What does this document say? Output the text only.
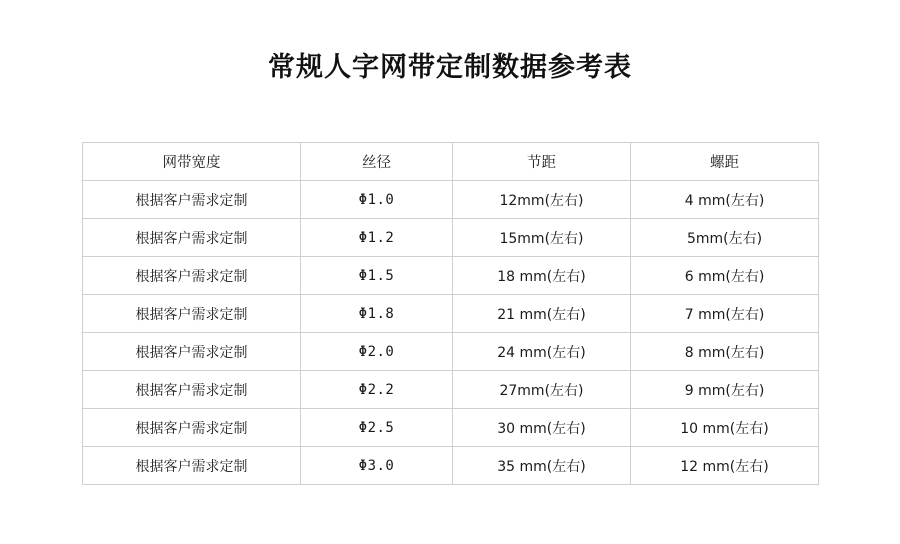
常规人字网带定制数据参考表
网带宽度	丝径	节距	螺距
根据客户需求定制	Φ1.0	12mm(左右)	4 mm(左右)
根据客户需求定制	Φ1.2	15mm(左右)	5mm(左右)
根据客户需求定制	Φ1.5	18 mm(左右)	6 mm(左右)
根据客户需求定制	Φ1.8	21 mm(左右)	7 mm(左右)
根据客户需求定制	Φ2.0	24 mm(左右)	8 mm(左右)
根据客户需求定制	Φ2.2	27mm(左右)	9 mm(左右)
根据客户需求定制	Φ2.5	30 mm(左右)	10 mm(左右)
根据客户需求定制	Φ3.0	35 mm(左右)	12 mm(左右)
